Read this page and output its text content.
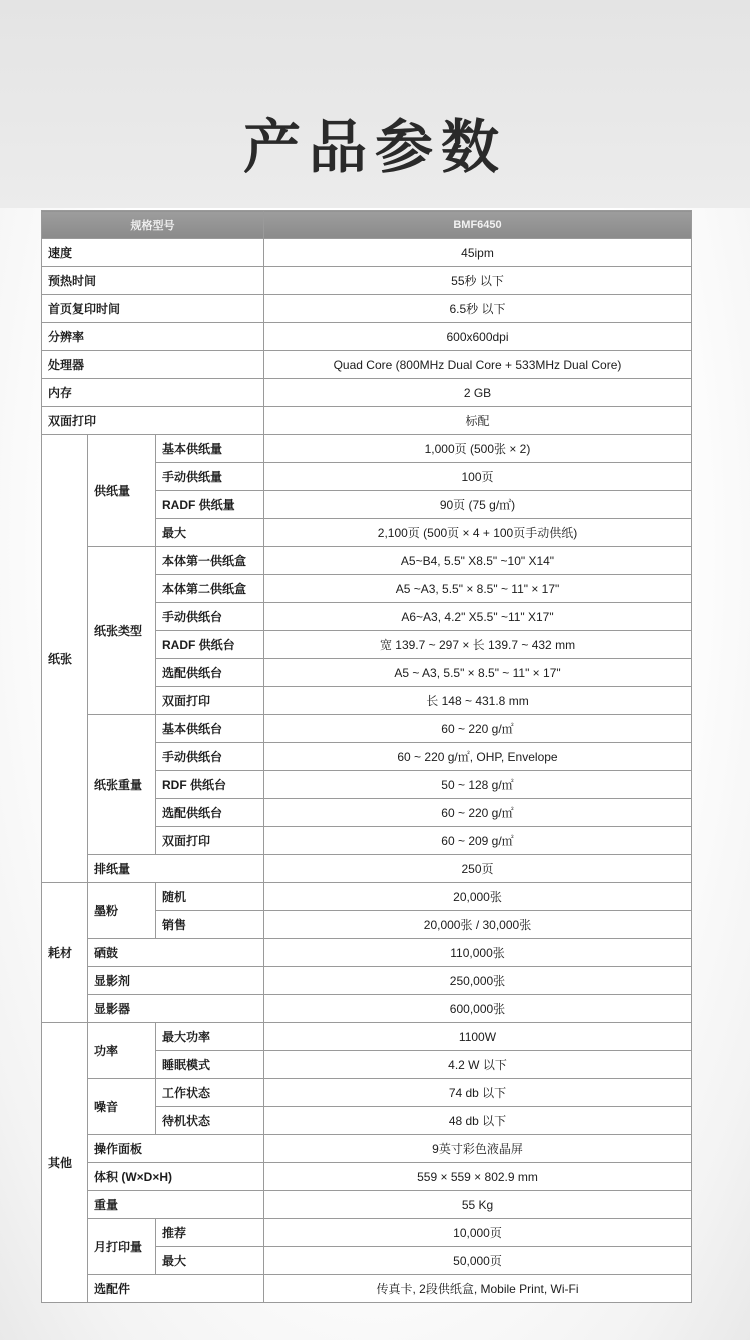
产品参数
规格型号			BMF6450
速度			45ipm
预热时间			55秒 以下
首页复印时间			6.5秒 以下
分辨率			600x600dpi
处理器			Quad Core (800MHz Dual Core + 533MHz Dual Core)
内存			2 GB
双面打印			标配
纸张	供纸量	基本供纸量	1,000页 (500张 × 2)
		手动供纸量	100页
		RADF 供纸量	90页 (75 g/㎡)
		最大	2,100页 (500页 × 4 + 100页手动供纸)
	纸张类型	本体第一供纸盒	A5~B4, 5.5" X8.5" ~10" X14"
		本体第二供纸盒	A5 ~A3, 5.5" × 8.5" ~ 11" × 17"
		手动供纸台	A6~A3, 4.2" X5.5" ~11" X17"
		RADF 供纸台	宽 139.7 ~ 297 × 长 139.7 ~ 432 mm
		选配供纸台	A5 ~ A3, 5.5" × 8.5" ~ 11" × 17"
		双面打印	长 148 ~ 431.8 mm
	纸张重量	基本供纸台	60 ~ 220 g/㎡
		手动供纸台	60 ~ 220 g/㎡, OHP, Envelope
		RDF 供纸台	50 ~ 128 g/㎡
		选配供纸台	60 ~ 220 g/㎡
		双面打印	60 ~ 209 g/㎡
	排纸量		250页
耗材	墨粉	随机	20,000张
		销售	20,000张 / 30,000张
	硒鼓		110,000张
	显影剂		250,000张
	显影器		600,000张
其他	功率	最大功率	1100W
		睡眠模式	4.2 W 以下
	噪音	工作状态	74 db 以下
		待机状态	48 db 以下
	操作面板		9英寸彩色液晶屏
	体积 (W×D×H)		559 × 559 × 802.9 mm
	重量		55 Kg
	月打印量	推荐	10,000页
		最大	50,000页
	选配件		传真卡, 2段供纸盒, Mobile Print, Wi-Fi
